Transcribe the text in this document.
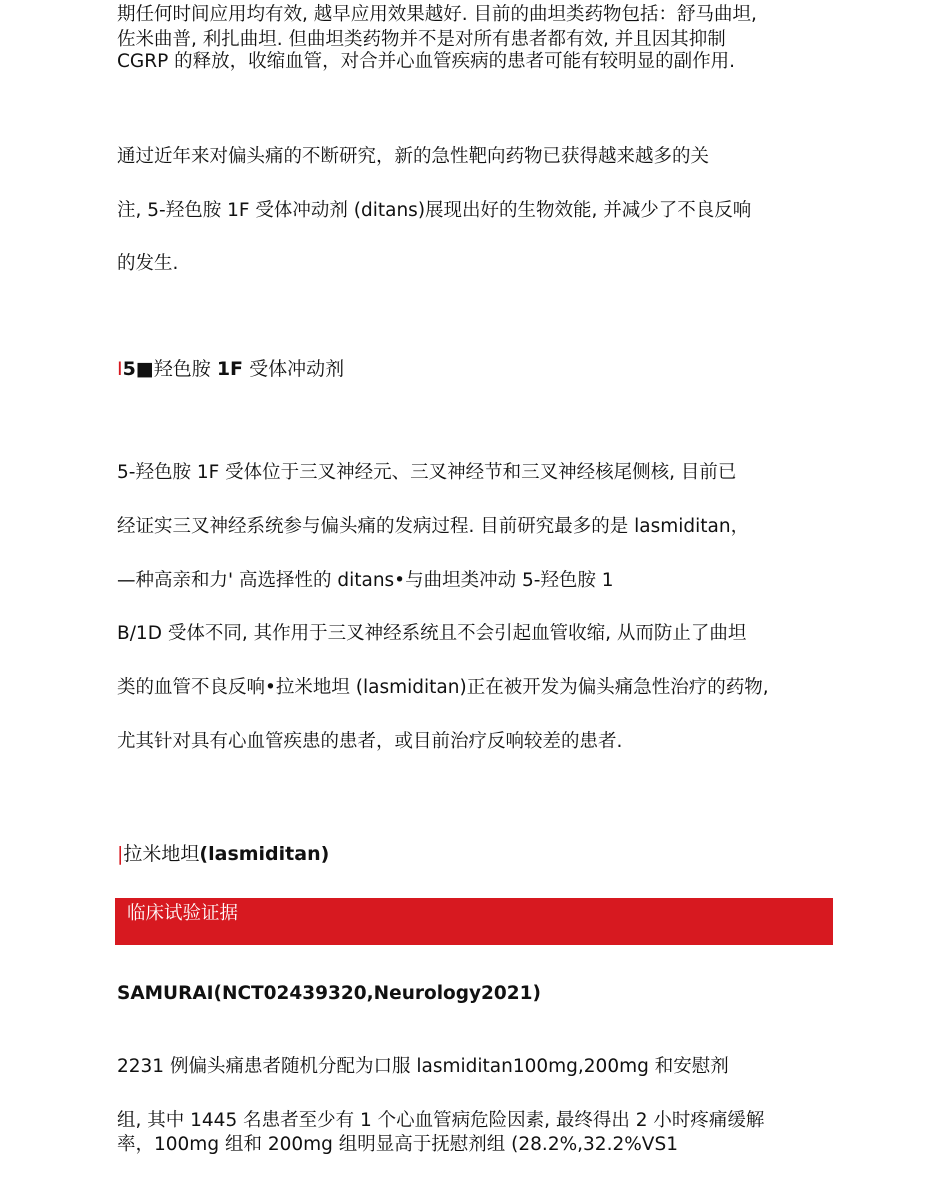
期任何时间应用均有效, 越早应用效果越好. 目前的曲坦类药物包括：舒马曲坦,
佐米曲普, 利扎曲坦. 但曲坦类药物并不是对所有患者都有效, 并且因其抑制
CGRP 的释放，收缩血管，对合并心血管疾病的患者可能有较明显的副作用.
通过近年来对偏头痛的不断研究，新的急性靶向药物已获得越来越多的关
注, 5-羟色胺 1F 受体冲动剂 (ditans)展现出好的生物效能, 并减少了不良反响
的发生.
I5■羟色胺 1F 受体冲动剂
5-羟色胺 1F 受体位于三叉神经元、三叉神经节和三叉神经核尾侧核, 目前已
经证实三叉神经系统参与偏头痛的发病过程. 目前研究最多的是 lasmiditan，
—种高亲和力' 高选择性的 ditans•与曲坦类冲动 5-羟色胺 1
B/1D 受体不同, 其作用于三叉神经系统且不会引起血管收缩, 从而防止了曲坦
类的血管不良反响•拉米地坦 (lasmiditan)正在被开发为偏头痛急性治疗的药物,
尤其针对具有心血管疾患的患者，或目前治疗反响较差的患者.
|拉米地坦(lasmiditan)
临床试验证据
SAMURAI(NCT02439320,Neurology2021)
2231 例偏头痛患者随机分配为口服 lasmiditan100mg,200mg 和安慰剂
组, 其中 1445 名患者至少有 1 个心血管病危险因素, 最终得出 2 小时疼痛缓解
率，100mg 组和 200mg 组明显高于抚慰剂组 (28.2%,32.2%VS1
